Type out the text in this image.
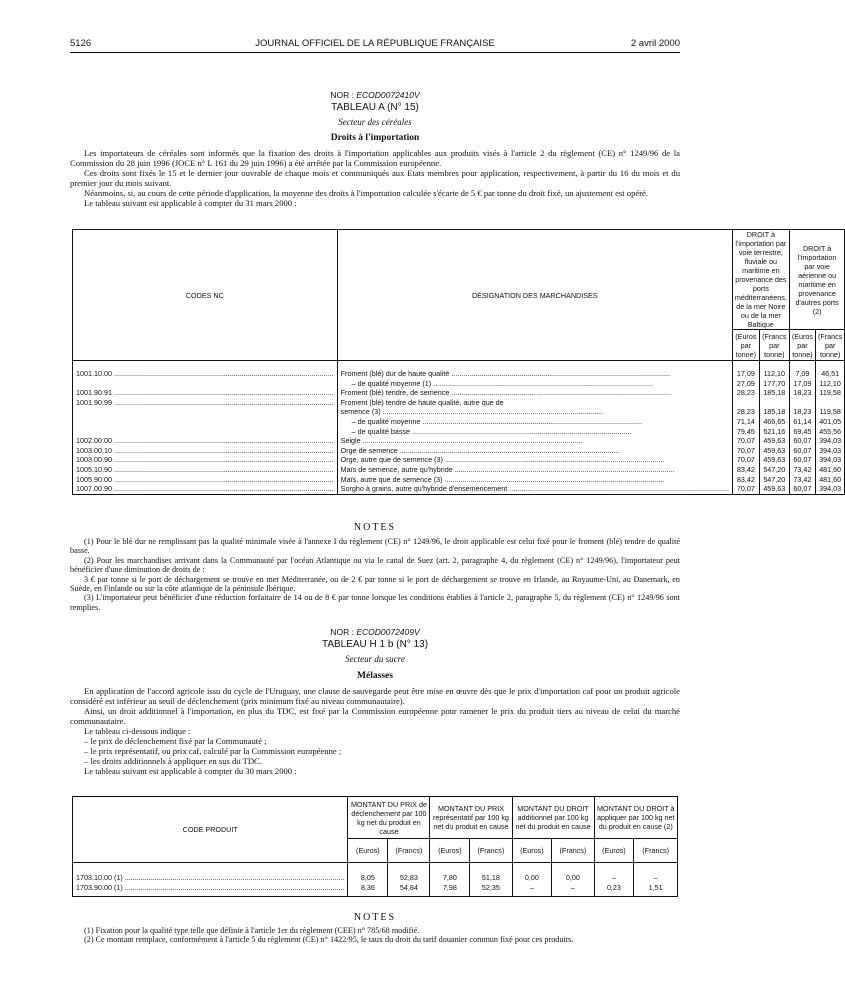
5126	JOURNAL OFFICIEL DE LA RÉPUBLIQUE FRANÇAISE	2 avril 2000
NOR : ECOD0072410V
TABLEAU A (N° 15)
Secteur des céréales
Droits à l'importation

Les importateurs de céréales sont informés que la fixation des droits à l'importation applicables aux produits visés à l'article 2 du règlement (CE) n° 1249/96 de la Commission du 28 juin 1996 (JOCE n° L 161 du 29 juin 1996) a été arrêtée par la Commission européenne.

Ces droits sont fixés le 15 et le dernier jour ouvrable de chaque mois et communiqués aux Etats membres pour application, respectivement, à partir du 16 du mois et du premier jour du mois suivant.

Néanmoins, si, au cours de cette période d'application, la moyenne des droits à l'importation calculée s'écarte de 5 € par tonne du droit fixé, un ajustement est opéré.

Le tableau suivant est applicable à compter du 31 mars 2000 :

CODES NC	DÉSIGNATION DES MARCHANDISES	DROIT à l'importation par voie terrestre, fluviale ou maritime en provenance des ports méditerranéens, de la mer Noire ou de la mer Baltique		DROIT à l'importation par voie aérienne ou maritime en provenance d'autres ports (2)	
		(Euros par tonne)	(Francs par tonne)	(Euros par tonne)	(Francs par tonne)
1001.10.00 .....	Froment (blé) dur de haute qualité .....	17,09	112,10	7,09	46,51
	– de qualité moyenne (1) .....	27,09	177,70	17,09	112,10
1001.90.91 .....	Froment (blé) tendre, de semence .....	28,23	185,18	18,23	119,58
1001.90.99 .....	Froment (blé) tendre de haute qualité, autre que de				
	semence (3) .....	28,23	185,18	18,23	119,58
	– de qualité moyenne .....	71,14	466,65	61,14	401,05
	– de qualité basse .....	79,45	521,16	69,45	455,56
1002.00.00 .....	Seigle .....	70,07	459,63	60,07	394,03
1003.00.10 .....	Orge de semence .....	70,07	459,63	60,07	394,03
1003.00.90 .....	Orge, autre que de semence (3) .....	70,07	459,63	60,07	394,03
1005.10.90 .....	Maïs de semence, autre qu'hybride .....	83,42	547,20	73,42	481,60
1005.90.00 .....	Maïs, autre que de semence (3) .....	83,42	547,20	73,42	481,60
1007.00.90 .....	Sorgho à grains, autre qu'hybride d'ensemencement .....	70,07	459,63	60,07	394,03
NOTES

(1) Pour le blé dur ne remplissant pas la qualité minimale visée à l'annexe I du règlement (CE) n° 1249/96, le droit applicable est celui fixé pour le froment (blé) tendre de qualité basse.

(2) Pour les marchandises arrivant dans la Communauté par l'océan Atlantique ou via le canal de Suez (art. 2, paragraphe 4, du règlement (CE) n° 1249/96), l'importateur peut bénéficier d'une diminution de droits de :

3 € par tonne si le port de déchargement se trouve en mer Méditerranée, ou de 2 € par tonne si le port de déchargement se trouve en Irlande, au Royaume-Uni, au Danemark, en Suède, en Finlande ou sur la côte atlantique de la péninsule Ibérique.

(3) L'importateur peut bénéficier d'une réduction forfaitaire de 14 ou de 8 € par tonne lorsque les conditions établies à l'article 2, paragraphe 5, du règlement (CE) n° 1249/96 sont remplies.

NOR : ECOD0072409V
TABLEAU H 1 b (N° 13)
Secteur du sucre
Mélasses

En application de l'accord agricole issu du cycle de l'Uruguay, une clause de sauvegarde peut être mise en œuvre dès que le prix d'importation caf pour un produit agricole considéré est inférieur au seuil de déclenchement (prix minimum fixé au niveau communautaire).

Ainsi, un droit additionnel à l'importation, en plus du TDC, est fixé par la Commission européenne pour ramener le prix du produit tiers au niveau de celui du marché communautaire.

Le tableau ci-dessous indique :

– le prix de déclenchement fixé par la Communauté ;
– le prix représentatif, ou prix caf, calculé par la Commission européenne ;
– les droits additionnels à appliquer en sus du TDC.

Le tableau suivant est applicable à compter du 30 mars 2000 :

CODE PRODUIT	MONTANT DU PRIX de déclenchement par 100 kg net du produit en cause		MONTANT DU PRIX représentatif par 100 kg net du produit en cause		MONTANT DU DROIT additionnel par 100 kg net du produit en cause		MONTANT DU DROIT à appliquer par 100 kg net du produit en cause (2)	
	(Euros)	(Francs)	(Euros)	(Francs)	(Euros)	(Francs)	(Euros)	(Francs)
1703.10.00 (1) .....	8,05	52,83	7,80	51,18	0,00	0,00	–	–
1703.90.00 (1) .....	8,36	54,84	7,98	52,35	–	–	0,23	1,51
NOTES

(1) Fixation pour la qualité type telle que définie à l'article 1er du règlement (CEE) n° 785/68 modifié.

(2) Ce montant remplace, conformément à l'article 5 du règlement (CE) n° 1422/95, le taux du droit du tarif douanier commun fixé pour ces produits.
